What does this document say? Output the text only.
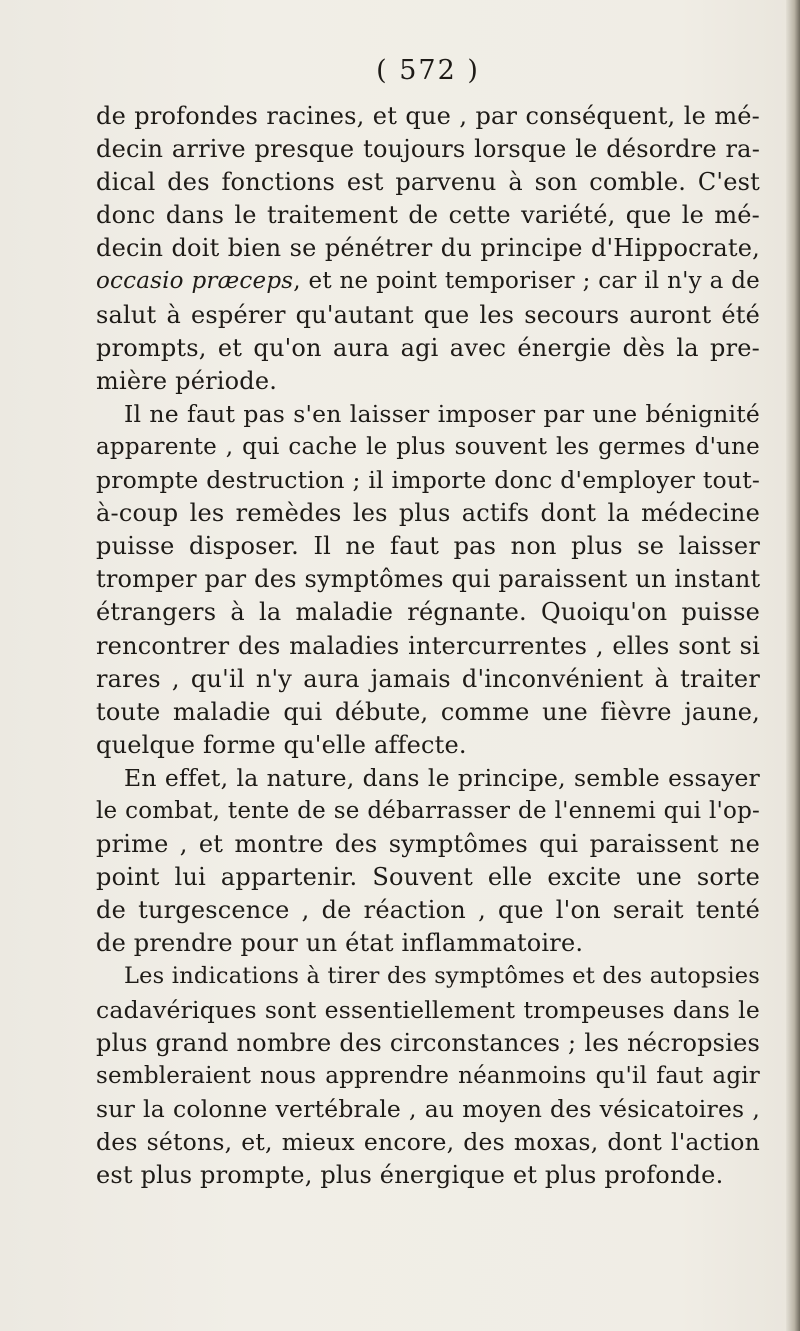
( 572 )
de profondes racines, et que , par conséquent, le mé-
decin arrive presque toujours lorsque le désordre ra-
dical des fonctions est parvenu à son comble. C'est
donc dans le traitement de cette variété, que le mé-
decin doit bien se pénétrer du principe d'Hippocrate,
occasio præceps, et ne point temporiser ; car il n'y a de
salut à espérer qu'autant que les secours auront été
prompts, et qu'on aura agi avec énergie dès la pre-
mière période.
Il ne faut pas s'en laisser imposer par une bénignité
apparente , qui cache le plus souvent les germes d'une
prompte destruction ; il importe donc d'employer tout-
à-coup les remèdes les plus actifs dont la médecine
puisse disposer. Il ne faut pas non plus se laisser
tromper par des symptômes qui paraissent un instant
étrangers à la maladie régnante. Quoiqu'on puisse
rencontrer des maladies intercurrentes , elles sont si
rares , qu'il n'y aura jamais d'inconvénient à traiter
toute maladie qui débute, comme une fièvre jaune,
quelque forme qu'elle affecte.
En effet, la nature, dans le principe, semble essayer
le combat, tente de se débarrasser de l'ennemi qui l'op-
prime , et montre des symptômes qui paraissent ne
point lui appartenir. Souvent elle excite une sorte
de turgescence , de réaction , que l'on serait tenté
de prendre pour un état inflammatoire.
Les indications à tirer des symptômes et des autopsies
cadavériques sont essentiellement trompeuses dans le
plus grand nombre des circonstances ; les nécropsies
sembleraient nous apprendre néanmoins qu'il faut agir
sur la colonne vertébrale , au moyen des vésicatoires ,
des sétons, et, mieux encore, des moxas, dont l'action
est plus prompte, plus énergique et plus profonde.
